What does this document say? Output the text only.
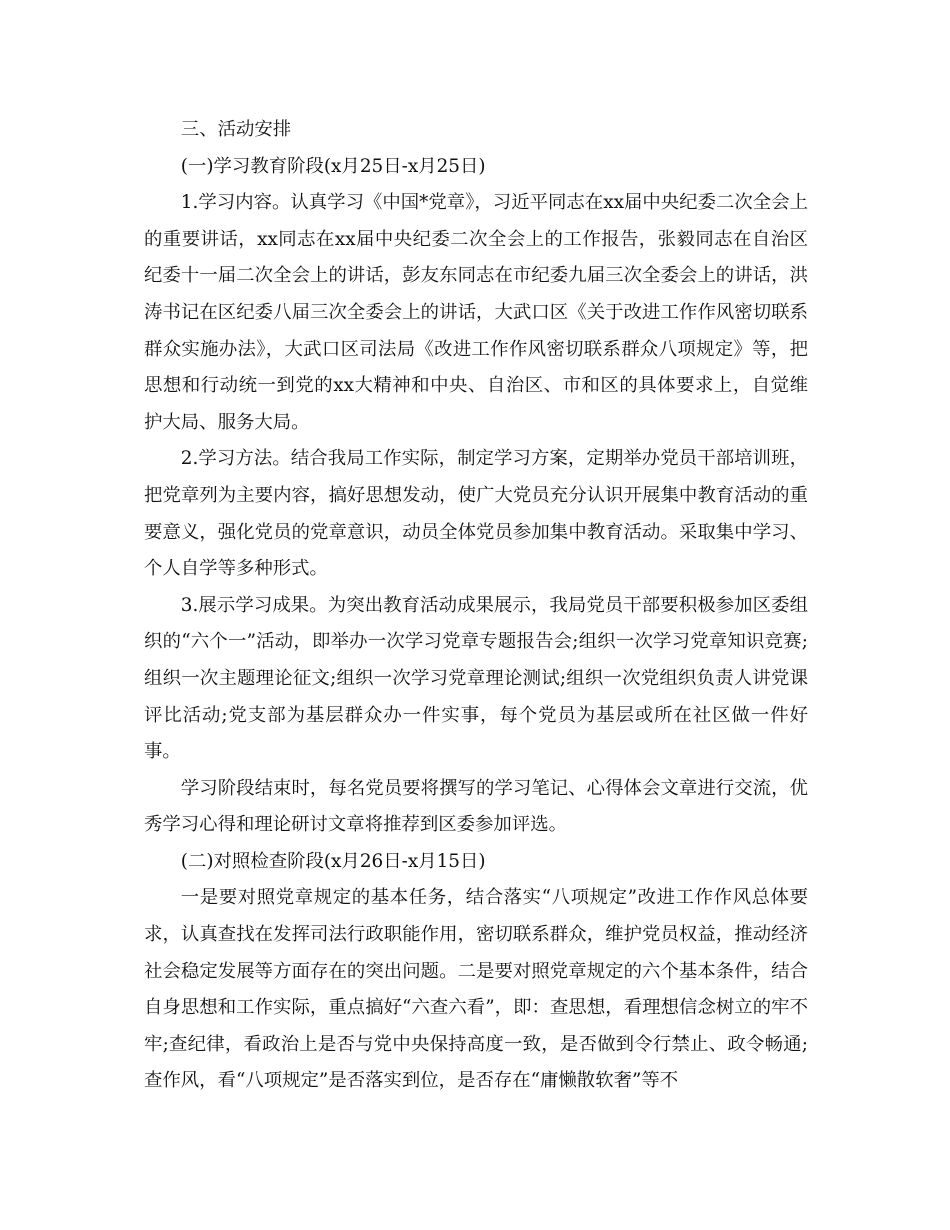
三、活动安排

(一)学习教育阶段(x月25日-x月25日)

1.学习内容。认真学习《中国*党章》，习近平同志在xx届中央纪委二次全会上的重要讲话，xx同志在xx届中央纪委二次全会上的工作报告，张毅同志在自治区纪委十一届二次全会上的讲话，彭友东同志在市纪委九届三次全委会上的讲话，洪涛书记在区纪委八届三次全委会上的讲话，大武口区《关于改进工作作风密切联系群众实施办法》，大武口区司法局《改进工作作风密切联系群众八项规定》等，把思想和行动统一到党的xx大精神和中央、自治区、市和区的具体要求上，自觉维护大局、服务大局。

2.学习方法。结合我局工作实际，制定学习方案，定期举办党员干部培训班，把党章列为主要内容，搞好思想发动，使广大党员充分认识开展集中教育活动的重要意义，强化党员的党章意识，动员全体党员参加集中教育活动。采取集中学习、个人自学等多种形式。

3.展示学习成果。为突出教育活动成果展示，我局党员干部要积极参加区委组织的“六个一”活动，即举办一次学习党章专题报告会;组织一次学习党章知识竞赛;组织一次主题理论征文;组织一次学习党章理论测试;组织一次党组织负责人讲党课评比活动;党支部为基层群众办一件实事，每个党员为基层或所在社区做一件好事。

学习阶段结束时，每名党员要将撰写的学习笔记、心得体会文章进行交流，优秀学习心得和理论研讨文章将推荐到区委参加评选。

(二)对照检查阶段(x月26日-x月15日)

一是要对照党章规定的基本任务，结合落实“八项规定”改进工作作风总体要求，认真查找在发挥司法行政职能作用，密切联系群众，维护党员权益，推动经济社会稳定发展等方面存在的突出问题。二是要对照党章规定的六个基本条件，结合自身思想和工作实际，重点搞好“六查六看”，即：查思想，看理想信念树立的牢不牢;查纪律，看政治上是否与党中央保持高度一致，是否做到令行禁止、政令畅通;查作风，看“八项规定”是否落实到位，是否存在“庸懒散软奢”等不
